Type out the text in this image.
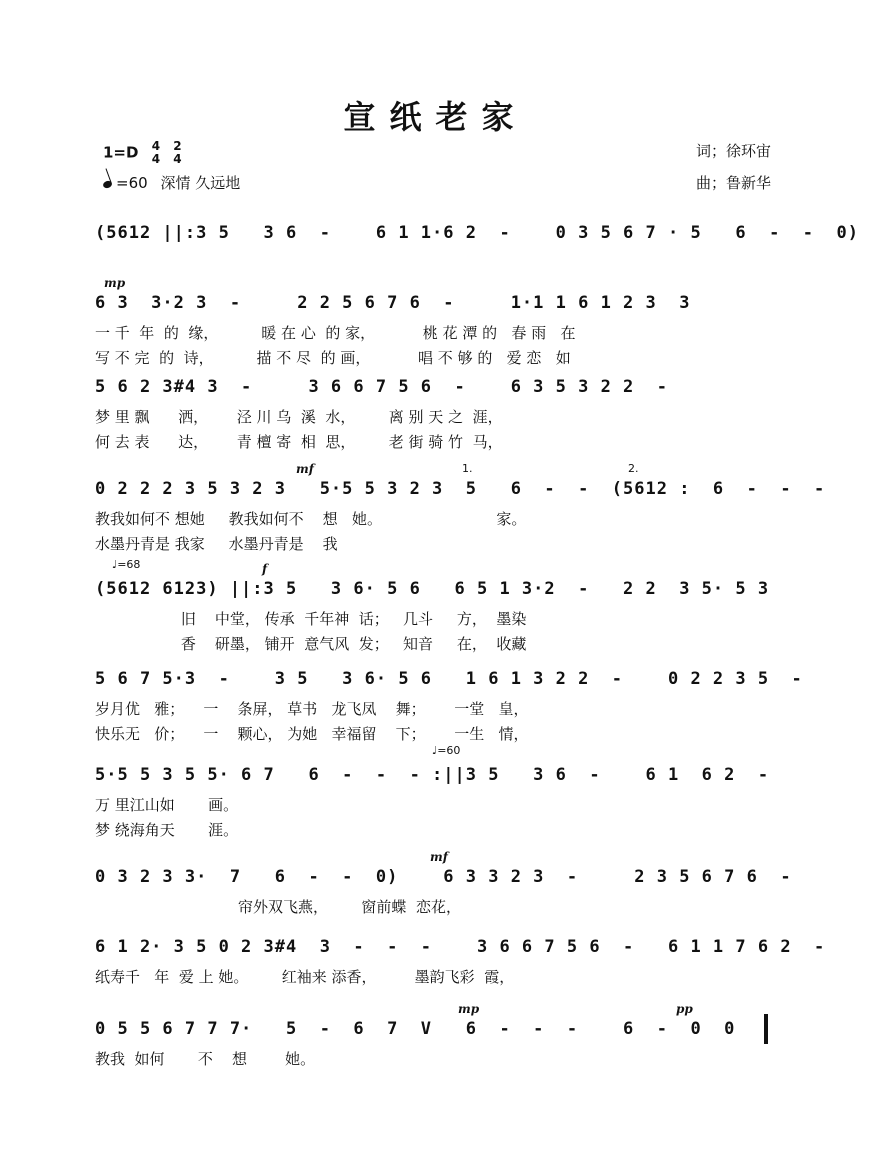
宣纸老家
1=D 4
4 2
4
=60 深情 久远地
词；徐环宙
曲；鲁新华
(5612 ||:3 5   3 6  -    6 1 1·6 2  -    0 3 5 6 7 · 5   6  -  -  0)
6 3  3·2 3  -     2 2 5 6 7 6  -     1·1 1 6 1 2 3  3
mp
一 千  年  的  缘，         暖 在 心  的 家，          桃 花 潭 的   春 雨   在
写 不 完  的  诗，         描 不 尽  的 画，          唱 不 够 的   爱 恋   如
5 6 2 3#4 3  -     3 6 6 7 5 6  -    6 3 5 3 2 2  -
梦 里 飘      洒，      泾 川 乌  溪  水，       离 别 天 之  涯，
何 去 表      达，      青 檀 寄  相  思，       老 街 骑 竹  马，
0 2 2 2 3 5 3 2 3   5·5 5 3 2 3  5   6  -  -  (5612 :  6  -  -  -
mf	1.	2.
教我如何不 想她     教我如何不    想   她。                        家。
水墨丹青是 我家     水墨丹青是    我
(5612 6123) ||:3 5   3 6· 5 6   6 5 1 3·2  -   2 2  3 5· 5 3
f
♩=68
旧    中堂， 传承  千年神  话；   几斗     方，  墨染
香    研墨， 铺开  意气风  发；   知音     在，  收藏
5 6 7 5·3  -    3 5   3 6· 5 6   1 6 1 3 2 2  -    0 2 2 3 5  -
岁月优   雅；    一    条屏， 草书   龙飞凤    舞；      一堂   皇，
快乐无   价；    一    颗心， 为她   幸福留    下；      一生   情，
5·5 5 3 5 5· 6 7   6  -  -  - :||3 5   3 6  -    6 1  6 2  -
♩=60
万 里江山如       画。
梦 绕海角天       涯。
0 3 2 3 3·  7   6  -  -  0)    6 3 3 2 3  -     2 3 5 6 7 6  -
mf
帘外双飞燕，       窗前蝶  恋花，
6 1 2· 3 5 0 2 3#4  3  -  -  -    3 6 6 7 5 6  -   6 1 1 7 6 2  -
纸寿千   年  爱 上 她。       红袖来 添香，        墨韵飞彩  霞，
0 5 5 6 7 7 7·   5  -  6  7  V   6  -  -  -    6  -  0  0
mp	pp
教我  如何       不    想        她。
